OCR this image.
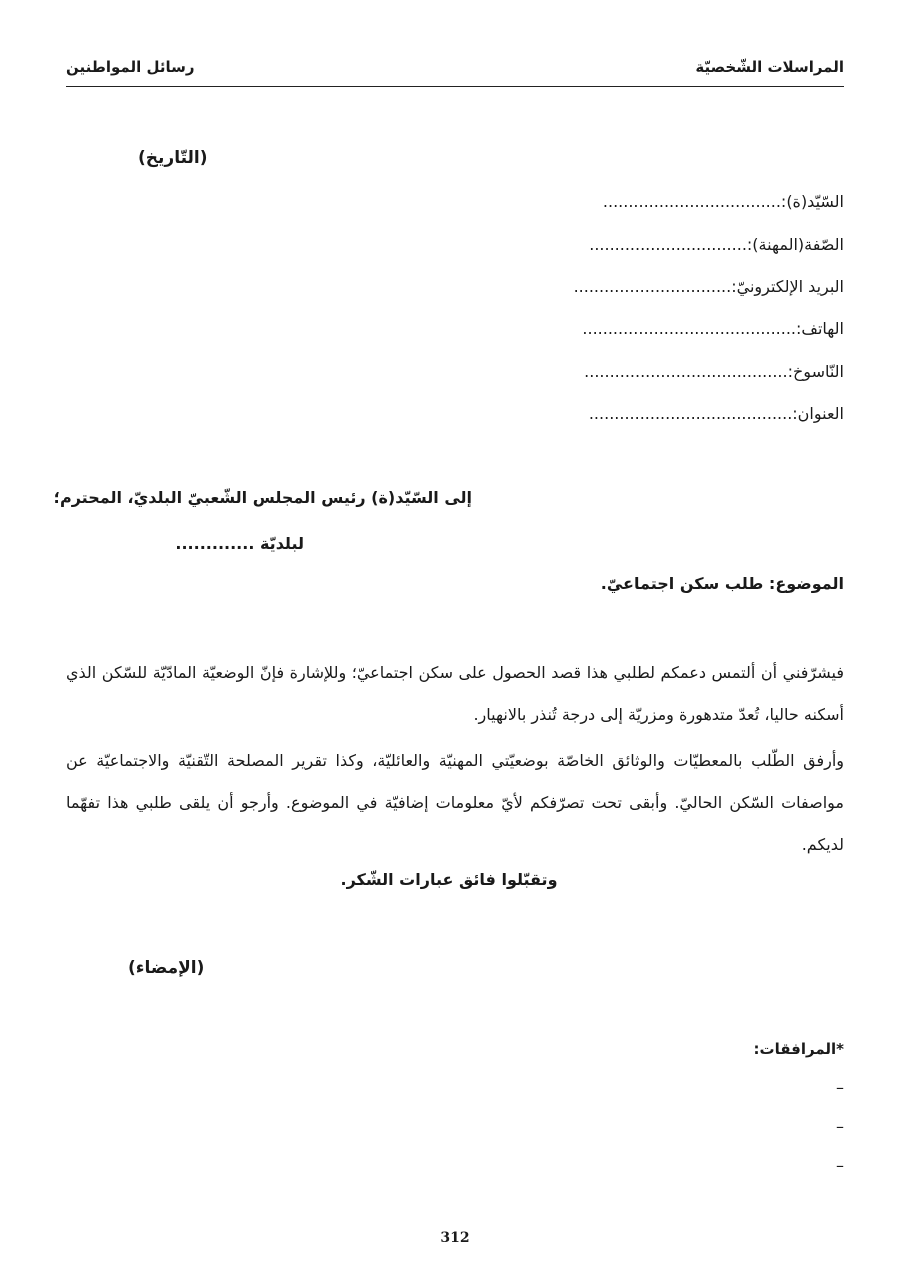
المراسلات الشّخصيّة
رسائل المواطنين
(التّاريخ)
السّيّد(ة):...................................
الصّفة(المهنة):...............................
البريد الإلكترونيّ:...............................
الهاتف:..........................................
النّاسوخ:........................................
العنوان:........................................
إلى السّيّد(ة) رئيس المجلس الشّعبيّ البلديّ، المحترم؛
لبلديّة .............
الموضوع: طلب سكن اجتماعيّ.
فيشرّفني أن ألتمس دعمكم لطلبي هذا قصد الحصول على سكن اجتماعيّ؛ وللإشارة فإنّ الوضعيّة المادّيّة للسّكن الذي أسكنه حاليا، تُعدّ متدهورة ومزريّة إلى درجة تُنذر بالانهيار.
وأرفق الطّلب بالمعطيّات والوثائق الخاصّة بوضعيّتي المهنيّة والعائليّة، وكذا تقرير المصلحة التّقنيّة والاجتماعيّة عن مواصفات السّكن الحاليّ. وأبقى تحت تصرّفكم لأيّ معلومات إضافيّة في الموضوع. وأرجو أن يلقى طلبي هذا تفهّما لديكم.
وتقبّلوا فائق عبارات الشّكر.
(الإمضاء)
*المرافقات:
–
–
–
312
